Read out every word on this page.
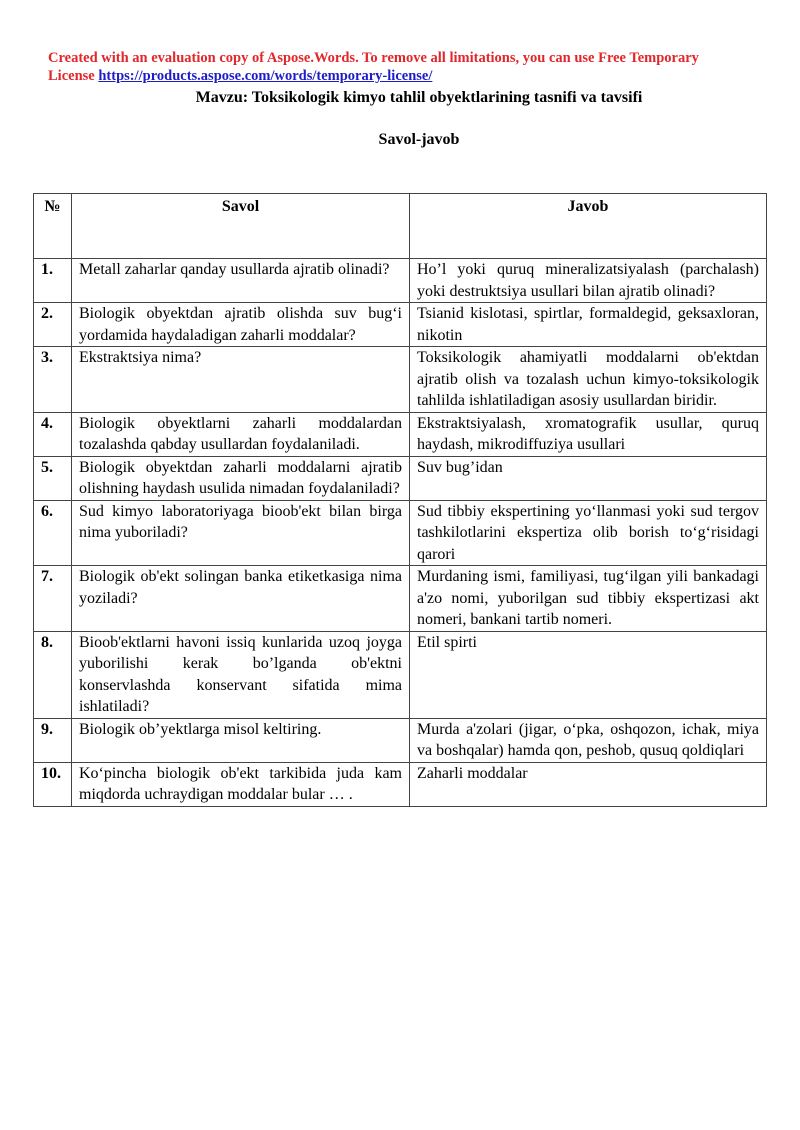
Created with an evaluation copy of Aspose.Words. To remove all limitations, you can use Free Temporary License https://products.aspose.com/words/temporary-license/
Mavzu: Toksikologik kimyo tahlil obyektlarining tasnifi va tavsifi
Savol-javob
№	Savol	Javob
1.	Metall zaharlar qanday usullarda ajratib olinadi?	Ho’l yoki quruq mineralizatsiyalash (parchalash) yoki destruktsiya usullari bilan ajratib olinadi?
2.	Biologik obyektdan ajratib olishda suv bug‘i yordamida haydaladigan zaharli moddalar?	Tsianid kislotasi, spirtlar, formaldegid, geksaxloran, nikotin
3.	Ekstraktsiya nima?	Toksikologik ahamiyatli moddalarni ob'ektdan ajratib olish va tozalash uchun kimyo-toksikologik tahlilda ishlatiladigan asosiy usullardan biridir.
4.	Biologik obyektlarni zaharli moddalardan tozalashda qabday usullardan foydalaniladi.	Ekstraktsiyalash, xromatografik usullar, quruq haydash, mikrodiffuziya usullari
5.	Biologik obyektdan zaharli moddalarni ajratib olishning haydash usulida nimadan foydalaniladi?	Suv bug’idan
6.	Sud kimyo laboratoriyaga bioob'ekt bilan birga nima yuboriladi?	Sud tibbiy ekspertining yo‘llanmasi yoki sud tergov tashkilotlarini ekspertiza olib borish to‘g‘risidagi qarori
7.	Biologik ob'ekt solingan banka etiketkasiga nima yoziladi?	Murdaning ismi, familiyasi, tug‘ilgan yili bankadagi a'zo nomi, yuborilgan sud tibbiy ekspertizasi akt nomeri, bankani tartib nomeri.
8.	Bioob'ektlarni havoni issiq kunlarida uzoq joyga yuborilishi kerak bo’lganda ob'ektni konservlashda konservant sifatida mima ishlatiladi?	Etil spirti
9.	Biologik ob’yektlarga misol keltiring.	Murda a'zolari (jigar, o‘pka, oshqozon, ichak, miya va boshqalar) hamda qon, peshob, qusuq qoldiqlari
10.	Ko‘pincha biologik ob'ekt tarkibida juda kam miqdorda uchraydigan moddalar bular … .	Zaharli moddalar
